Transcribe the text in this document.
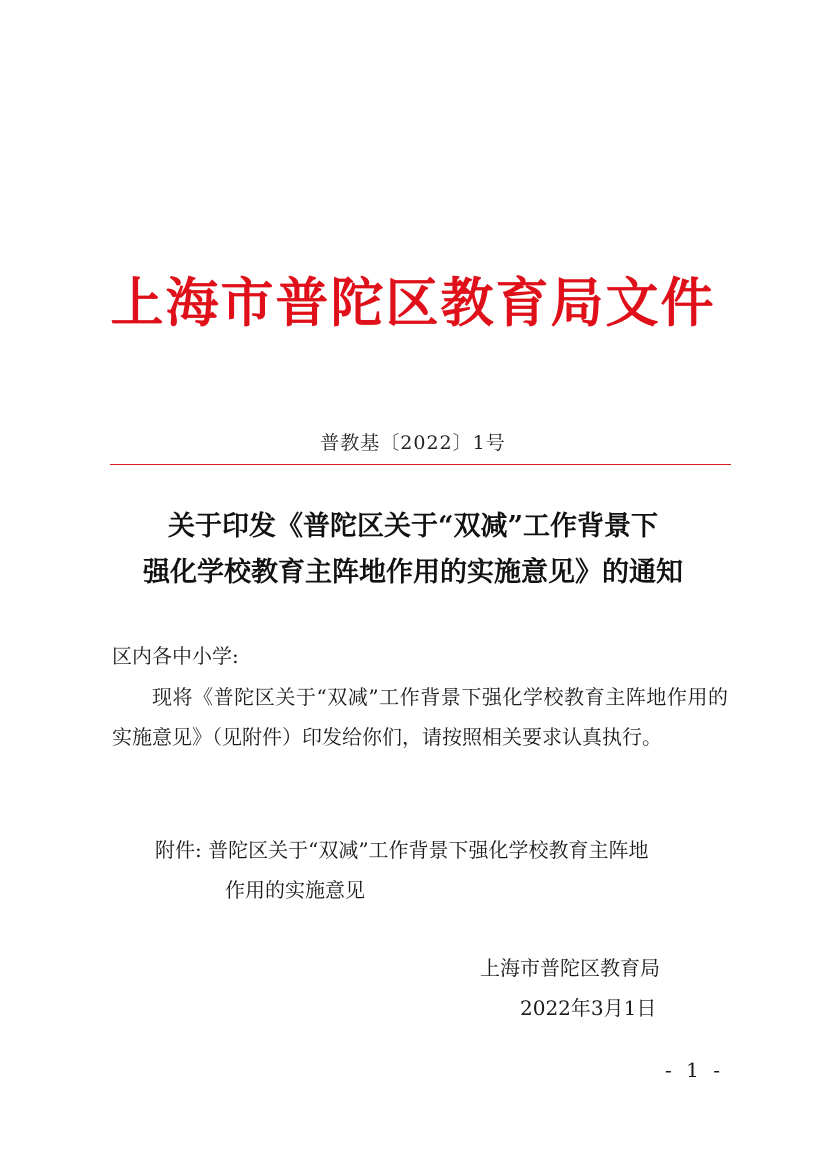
上海市普陀区教育局文件
普教基〔2022〕1号
关于印发《普陀区关于“双减”工作背景下
强化学校教育主阵地作用的实施意见》的通知
区内各中小学:
现将《普陀区关于“双减”工作背景下强化学校教育主阵地作用的实施意见》（见附件）印发给你们，请按照相关要求认真执行。
附件: 普陀区关于“双减”工作背景下强化学校教育主阵地
作用的实施意见
上海市普陀区教育局
2022年3月1日
- 1 -
